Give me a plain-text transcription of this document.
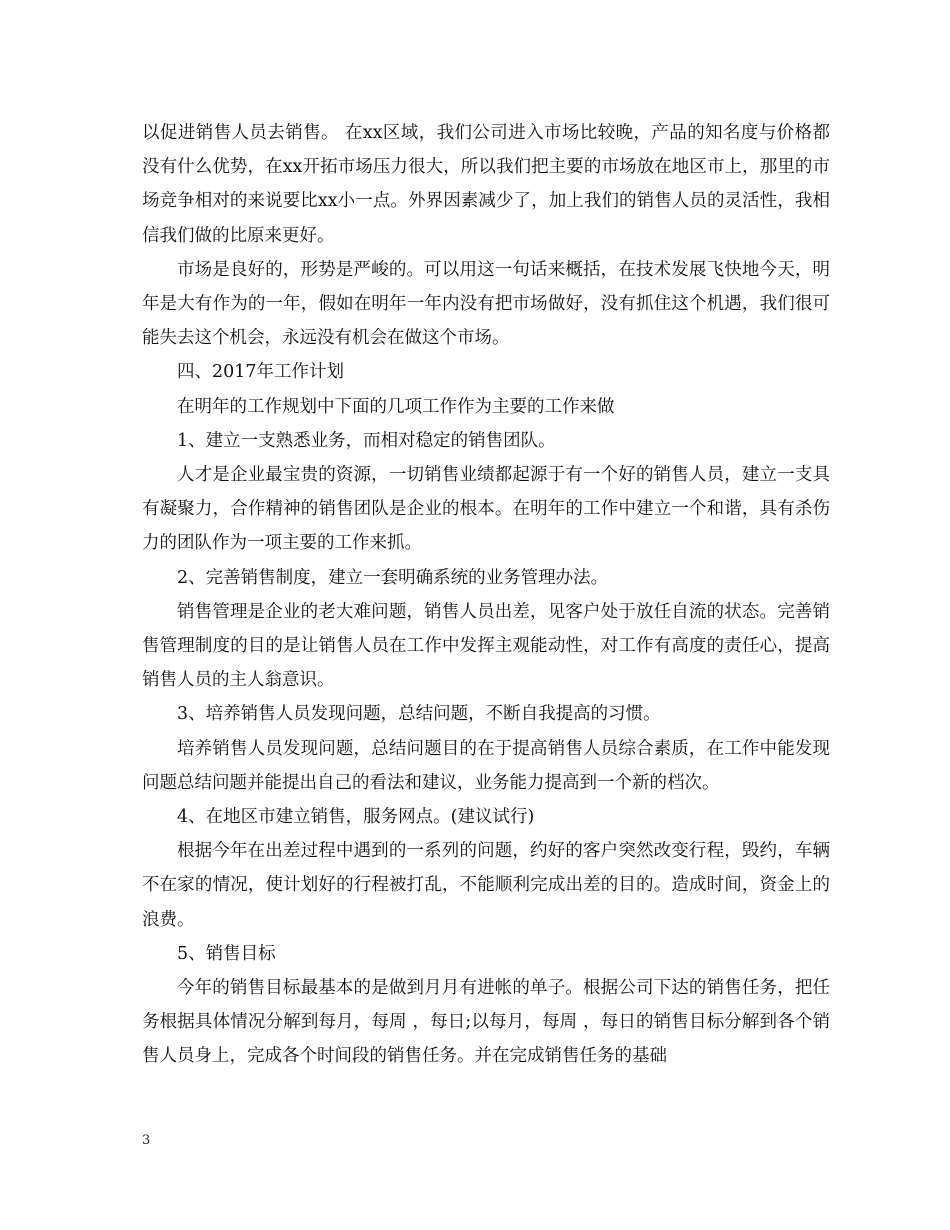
以促进销售人员去销售。 在xx区域，我们公司进入市场比较晚，产品的知名度与价格都没有什么优势，在xx开拓市场压力很大，所以我们把主要的市场放在地区市上，那里的市场竞争相对的来说要比xx小一点。外界因素减少了，加上我们的销售人员的灵活性，我相信我们做的比原来更好。

市场是良好的，形势是严峻的。可以用这一句话来概括，在技术发展飞快地今天，明年是大有作为的一年，假如在明年一年内没有把市场做好，没有抓住这个机遇，我们很可能失去这个机会，永远没有机会在做这个市场。

四、2017年工作计划

在明年的工作规划中下面的几项工作作为主要的工作来做

1、建立一支熟悉业务，而相对稳定的销售团队。

人才是企业最宝贵的资源，一切销售业绩都起源于有一个好的销售人员，建立一支具有凝聚力，合作精神的销售团队是企业的根本。在明年的工作中建立一个和谐，具有杀伤力的团队作为一项主要的工作来抓。

2、完善销售制度，建立一套明确系统的业务管理办法。

销售管理是企业的老大难问题，销售人员出差，见客户处于放任自流的状态。完善销售管理制度的目的是让销售人员在工作中发挥主观能动性，对工作有高度的责任心，提高销售人员的主人翁意识。

3、培养销售人员发现问题，总结问题，不断自我提高的习惯。

培养销售人员发现问题，总结问题目的在于提高销售人员综合素质，在工作中能发现问题总结问题并能提出自己的看法和建议，业务能力提高到一个新的档次。

4、在地区市建立销售，服务网点。(建议试行)

根据今年在出差过程中遇到的一系列的问题，约好的客户突然改变行程，毁约，车辆不在家的情况，使计划好的行程被打乱，不能顺利完成出差的目的。造成时间，资金上的浪费。

5、销售目标

今年的销售目标最基本的是做到月月有进帐的单子。根据公司下达的销售任务，把任务根据具体情况分解到每月，每周 ，每日;以每月，每周 ，每日的销售目标分解到各个销售人员身上，完成各个时间段的销售任务。并在完成销售任务的基础

3
